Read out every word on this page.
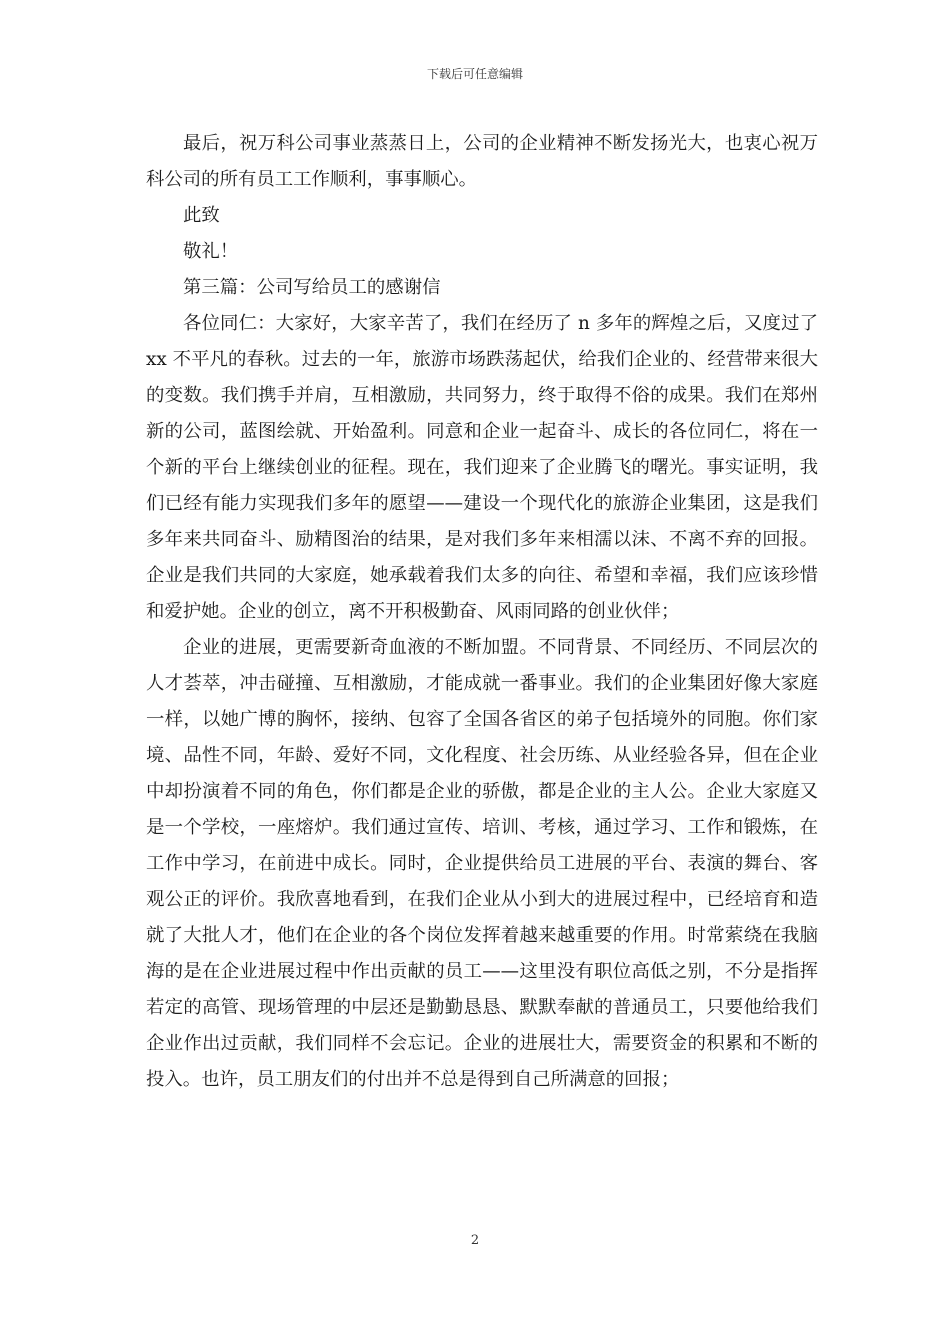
下载后可任意编辑

最后，祝万科公司事业蒸蒸日上，公司的企业精神不断发扬光大，也衷心祝万科公司的所有员工工作顺利，事事顺心。

此致

敬礼！

第三篇：公司写给员工的感谢信

各位同仁：大家好，大家辛苦了，我们在经历了 n 多年的辉煌之后，又度过了 xx 不平凡的春秋。过去的一年，旅游市场跌荡起伏，给我们企业的、经营带来很大的变数。我们携手并肩，互相激励，共同努力，终于取得不俗的成果。我们在郑州新的公司，蓝图绘就、开始盈利。同意和企业一起奋斗、成长的各位同仁，将在一个新的平台上继续创业的征程。现在，我们迎来了企业腾飞的曙光。事实证明，我们已经有能力实现我们多年的愿望——建设一个现代化的旅游企业集团，这是我们多年来共同奋斗、励精图治的结果，是对我们多年来相濡以沫、不离不弃的回报。企业是我们共同的大家庭，她承载着我们太多的向往、希望和幸福，我们应该珍惜和爱护她。企业的创立，离不开积极勤奋、风雨同路的创业伙伴；

企业的进展，更需要新奇血液的不断加盟。不同背景、不同经历、不同层次的人才荟萃，冲击碰撞、互相激励，才能成就一番事业。我们的企业集团好像大家庭一样，以她广博的胸怀，接纳、包容了全国各省区的弟子包括境外的同胞。你们家境、品性不同，年龄、爱好不同，文化程度、社会历练、从业经验各异，但在企业中却扮演着不同的角色，你们都是企业的骄傲，都是企业的主人公。企业大家庭又是一个学校，一座熔炉。我们通过宣传、培训、考核，通过学习、工作和锻炼，在工作中学习，在前进中成长。同时，企业提供给员工进展的平台、表演的舞台、客观公正的评价。我欣喜地看到，在我们企业从小到大的进展过程中，已经培育和造就了大批人才，他们在企业的各个岗位发挥着越来越重要的作用。时常萦绕在我脑海的是在企业进展过程中作出贡献的员工——这里没有职位高低之别，不分是指挥若定的高管、现场管理的中层还是勤勤恳恳、默默奉献的普通员工，只要他给我们企业作出过贡献，我们同样不会忘记。企业的进展壮大，需要资金的积累和不断的投入。也许，员工朋友们的付出并不总是得到自己所满意的回报；

2
